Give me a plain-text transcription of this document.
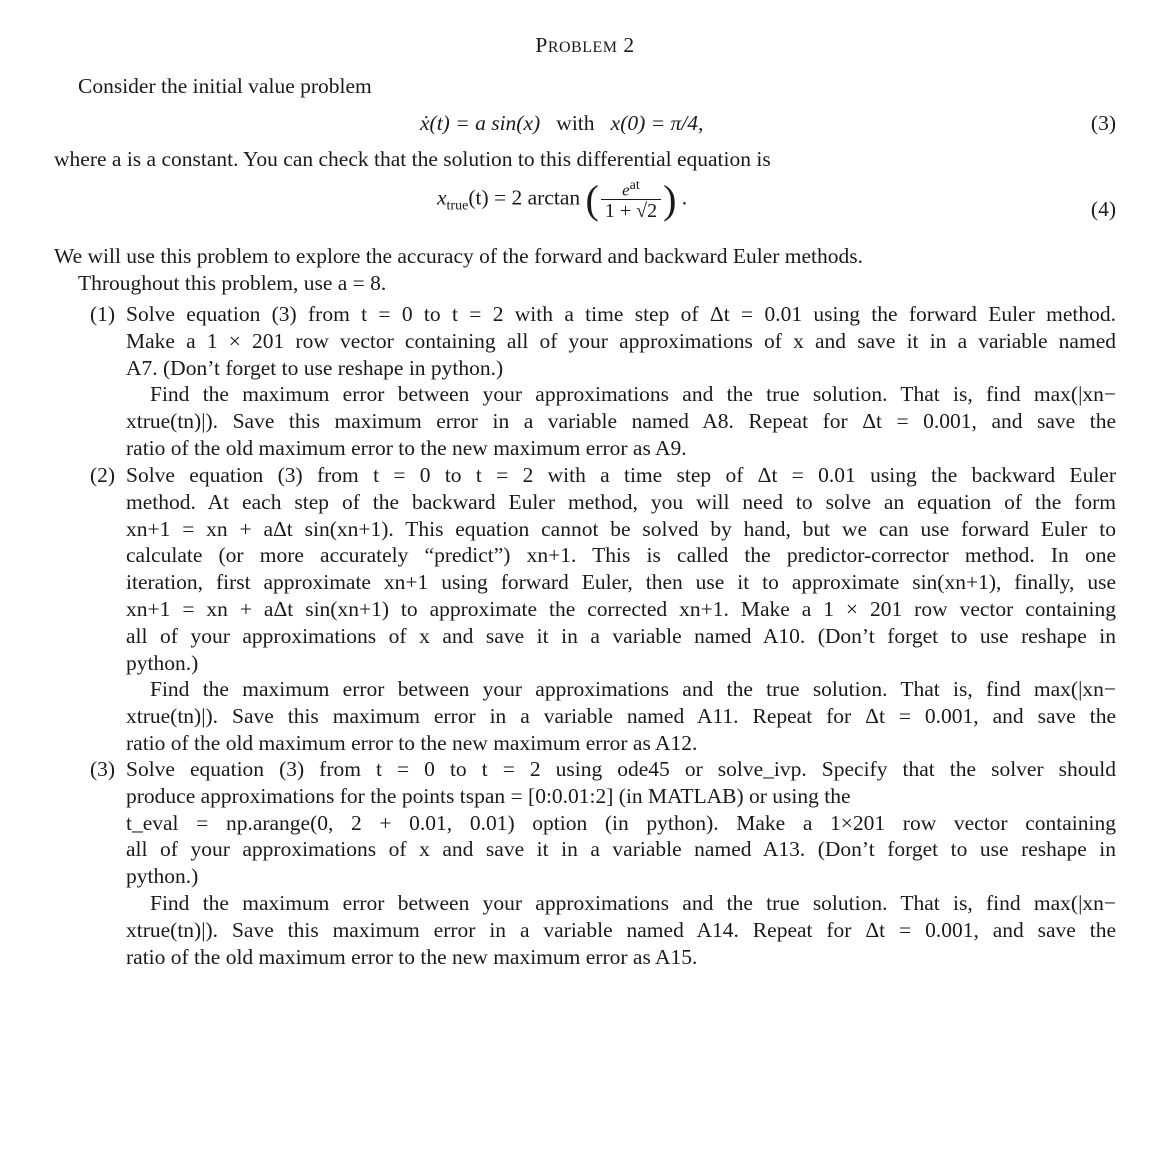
PROBLEM 2
Consider the initial value problem
ẋ(t) = a sin(x) with x(0) = π/4,	(3)
where a is a constant. You can check that the solution to this differential equation is
$x_{true}(t) = 2$ arctan ( $\frac{e^{at}}{1 + √2}$ ) .	(4)
We will use this problem to explore the accuracy of the forward and backward Euler methods.
Throughout this problem, use a = 8.
(1) Solve equation (3) from t = 0 to t = 2 with a time step of Δt = 0.01 using the forward Euler method.
Make a 1 × 201 row vector containing all of your approximations of x and save it in a variable named
A7. (Don’t forget to use reshape in python.)
Find the maximum error between your approximations and the true solution. That is, find max(|xn−
xtrue(tn)|). Save this maximum error in a variable named A8. Repeat for Δt = 0.001, and save the
ratio of the old maximum error to the new maximum error as A9.
(2) Solve equation (3) from t = 0 to t = 2 with a time step of Δt = 0.01 using the backward Euler
method. At each step of the backward Euler method, you will need to solve an equation of the form
xn+1 = xn + aΔt sin(xn+1). This equation cannot be solved by hand, but we can use forward Euler to
calculate (or more accurately “predict”) xn+1. This is called the predictor-corrector method. In one
iteration, first approximate xn+1 using forward Euler, then use it to approximate sin(xn+1), finally, use
xn+1 = xn + aΔt sin(xn+1) to approximate the corrected xn+1. Make a 1 × 201 row vector containing
all of your approximations of x and save it in a variable named A10. (Don’t forget to use reshape in
python.)
Find the maximum error between your approximations and the true solution. That is, find max(|xn−
xtrue(tn)|). Save this maximum error in a variable named A11. Repeat for Δt = 0.001, and save the
ratio of the old maximum error to the new maximum error as A12.
(3) Solve equation (3) from t = 0 to t = 2 using ode45 or solve_ivp. Specify that the solver should
produce approximations for the points tspan = [0:0.01:2] (in MATLAB) or using the
t_eval = np.arange(0, 2 + 0.01, 0.01) option (in python). Make a 1×201 row vector containing
all of your approximations of x and save it in a variable named A13. (Don’t forget to use reshape in
python.)
Find the maximum error between your approximations and the true solution. That is, find max(|xn−
xtrue(tn)|). Save this maximum error in a variable named A14. Repeat for Δt = 0.001, and save the
ratio of the old maximum error to the new maximum error as A15.
